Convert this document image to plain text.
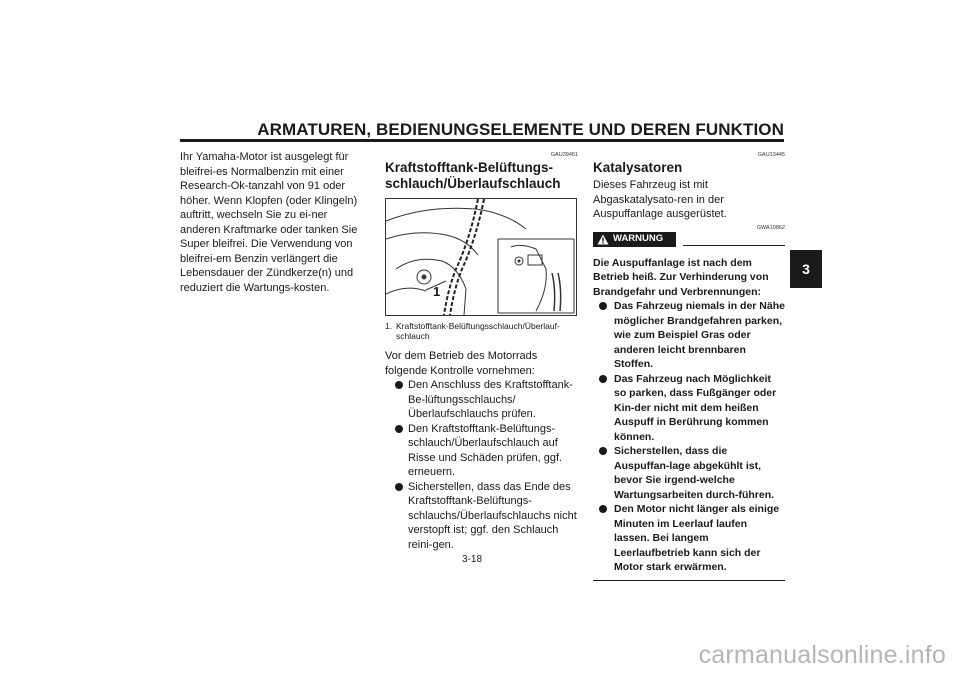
ARMATUREN, BEDIENUNGSELEMENTE UND DEREN FUNKTION
3

Ihr Yamaha-Motor ist ausgelegt für bleifrei-es Normalbenzin mit einer Research-Ok-tanzahl von 91 oder höher. Wenn Klopfen (oder Klingeln) auftritt, wechseln Sie zu ei-ner anderen Kraftmarke oder tanken Sie Super bleifrei. Die Verwendung von bleifrei-em Benzin verlängert die Lebensdauer der Zündkerze(n) und reduziert die Wartungs-kosten.

GAU39451
Kraftstofftank-Belüftungs-schlauch/Überlaufschlauch
1
1. Kraftstofftank-Belüftungsschlauch/Überlauf-schlauch

Vor dem Betrieb des Motorrads folgende Kontrolle vornehmen:

Den Anschluss des Kraftstofftank-Be-lüftungsschlauchs/Überlaufschlauchs prüfen.
Den Kraftstofftank-Belüftungs-schlauch/Überlaufschlauch auf Risse und Schäden prüfen, ggf. erneuern.
Sicherstellen, dass das Ende des Kraftstofftank-Belüftungs-schlauchs/Überlaufschlauchs nicht verstopft ist; ggf. den Schlauch reini-gen.
GAU13445
Katalysatoren

Dieses Fahrzeug ist mit Abgaskatalysato-ren in der Auspuffanlage ausgerüstet.

GWA10862
WARNUNG

Die Auspuffanlage ist nach dem Betrieb heiß. Zur Verhinderung von Brandgefahr und Verbrennungen:

Das Fahrzeug niemals in der Nähe möglicher Brandgefahren parken, wie zum Beispiel Gras oder anderen leicht brennbaren Stoffen.
Das Fahrzeug nach Möglichkeit so parken, dass Fußgänger oder Kin-der nicht mit dem heißen Auspuff in Berührung kommen können.
Sicherstellen, dass die Auspuffan-lage abgekühlt ist, bevor Sie irgend-welche Wartungsarbeiten durch-führen.
Den Motor nicht länger als einige Minuten im Leerlauf laufen lassen. Bei langem Leerlaufbetrieb kann sich der Motor stark erwärmen.
3-18
carmanualsonline.info
